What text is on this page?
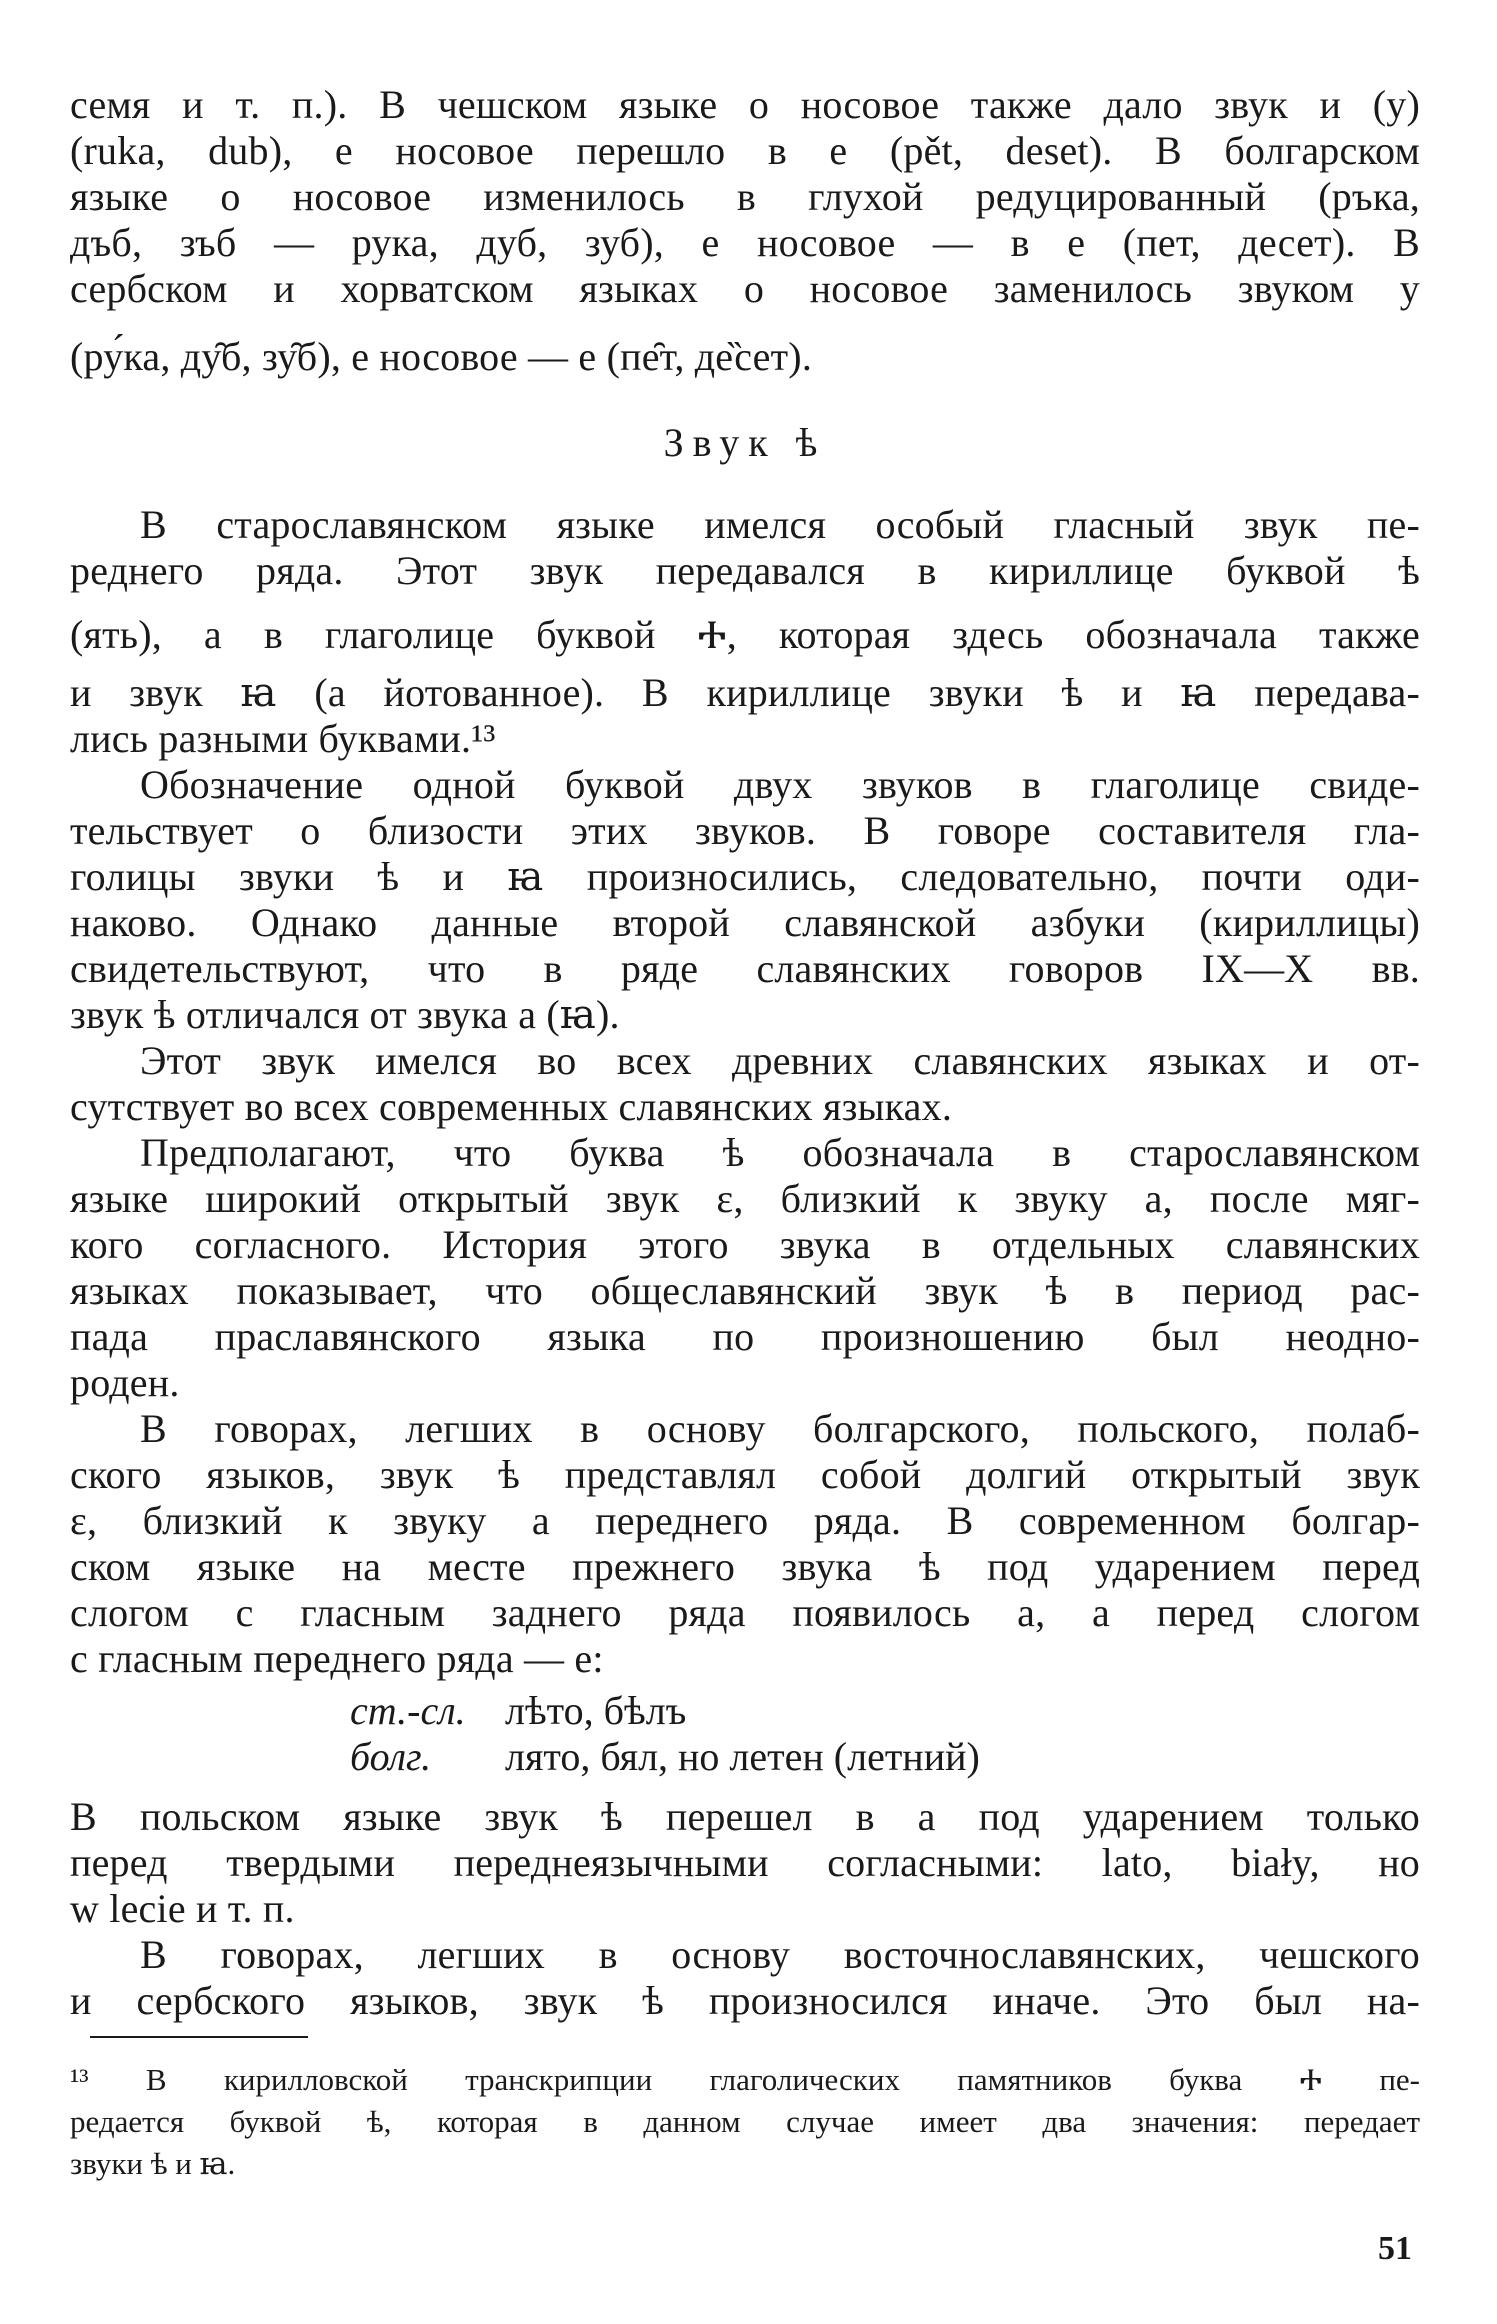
семя и т. п.). В чешском языке о носовое также дало звук и (у)
(ruka, dub), е носовое перешло в е (pět, deset). В болгарском
языке о носовое изменилось в глухой редуцированный (ръка,
дъб, зъб — рука, дуб, зуб), е носовое — в е (пет, десет). В
сербском и хорватском языках о носовое заменилось звуком у
(ру́ка, ду̑б, зу̑б), е носовое — е (пе̑т, де̏сет).
Звук ѣ
В старославянском языке имелся особый гласный звук пе-
реднего ряда. Этот звук передавался в кириллице буквой ѣ
(ять), а в глаголице буквой Ⰰ, которая здесь обозначала также
и звук ꙗ (а йотованное). В кириллице звуки ѣ и ꙗ передава-
лись разными буквами.¹³
Обозначение одной буквой двух звуков в глаголице свиде-
тельствует о близости этих звуков. В говоре составителя гла-
голицы звуки ѣ и ꙗ произносились, следовательно, почти оди-
наково. Однако данные второй славянской азбуки (кириллицы)
свидетельствуют, что в ряде славянских говоров IX—X вв.
звук ѣ отличался от звука а (ꙗ).
Этот звук имелся во всех древних славянских языках и от-
сутствует во всех современных славянских языках.
Предполагают, что буква ѣ обозначала в старославянском
языке широкий открытый звук ɛ, близкий к звуку а, после мяг-
кого согласного. История этого звука в отдельных славянских
языках показывает, что общеславянский звук ѣ в период рас-
пада праславянского языка по произношению был неодно-
роден.
В говорах, легших в основу болгарского, польского, полаб-
ского языков, звук ѣ представлял собой долгий открытый звук
ɛ, близкий к звуку а переднего ряда. В современном болгар-
ском языке на месте прежнего звука ѣ под ударением перед
слогом с гласным заднего ряда появилось а, а перед слогом
с гласным переднего ряда — е:
ст.-сл. лѣто, бѣлъ
болг.	лято, бял, но летен (летний)
В польском языке звук ѣ перешел в а под ударением только
перед твердыми переднеязычными согласными: lato, biały, но
w lecie и т. п.
В говорах, легших в основу восточнославянских, чешского
и сербского языков, звук ѣ произносился иначе. Это был на-
¹³ В кирилловской транскрипции глаголических памятников буква Ⰰ пе-
редается буквой ѣ, которая в данном случае имеет два значения: передает
звуки ѣ и ꙗ.
51
